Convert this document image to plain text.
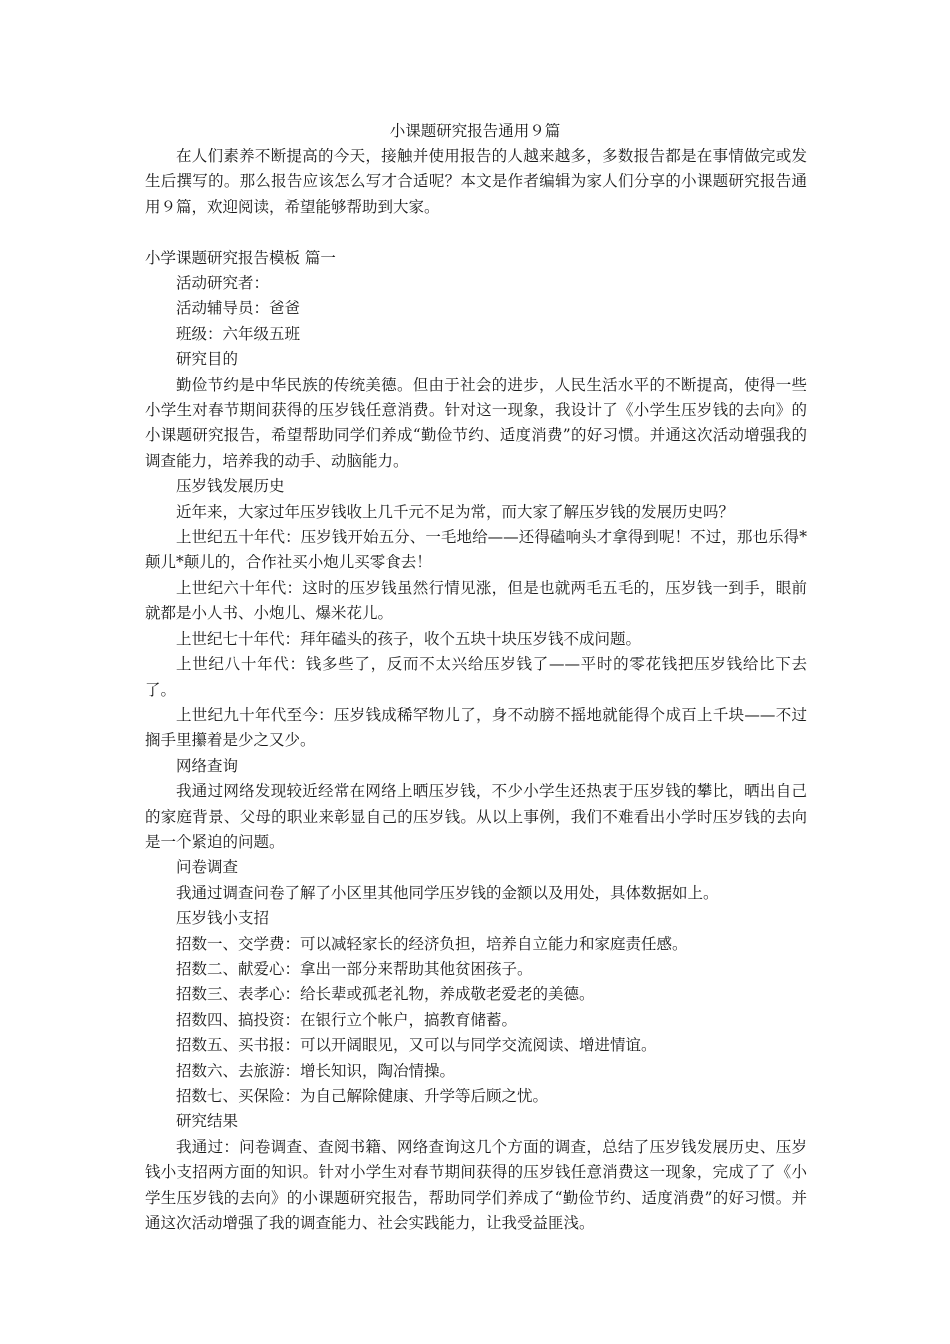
小课题研究报告通用９篇

在人们素养不断提高的今天，接触并使用报告的人越来越多，多数报告都是在事情做完或发生后撰写的。那么报告应该怎么写才合适呢？本文是作者编辑为家人们分享的小课题研究报告通用９篇，欢迎阅读，希望能够帮助到大家。

小学课题研究报告模板 篇一

活动研究者：

活动辅导员：爸爸

班级：六年级五班

研究目的

勤俭节约是中华民族的传统美德。但由于社会的进步，人民生活水平的不断提高，使得一些小学生对春节期间获得的压岁钱任意消费。针对这一现象，我设计了《小学生压岁钱的去向》的小课题研究报告，希望帮助同学们养成“勤俭节约、适度消费”的好习惯。并通这次活动增强我的调查能力，培养我的动手、动脑能力。

压岁钱发展历史

近年来，大家过年压岁钱收上几千元不足为常，而大家了解压岁钱的发展历史吗？

上世纪五十年代：压岁钱开始五分、一毛地给——还得磕响头才拿得到呢！不过，那也乐得*颠儿*颠儿的，合作社买小炮儿买零食去！

上世纪六十年代：这时的压岁钱虽然行情见涨，但是也就两毛五毛的，压岁钱一到手，眼前就都是小人书、小炮儿、爆米花儿。

上世纪七十年代：拜年磕头的孩子，收个五块十块压岁钱不成问题。

上世纪八十年代：钱多些了，反而不太兴给压岁钱了——平时的零花钱把压岁钱给比下去了。

上世纪九十年代至今：压岁钱成稀罕物儿了，身不动膀不摇地就能得个成百上千块——不过搁手里攥着是少之又少。

网络查询

我通过网络发现较近经常在网络上晒压岁钱，不少小学生还热衷于压岁钱的攀比，晒出自己的家庭背景、父母的职业来彰显自己的压岁钱。从以上事例，我们不难看出小学时压岁钱的去向是一个紧迫的问题。

问卷调查

我通过调查问卷了解了小区里其他同学压岁钱的金额以及用处，具体数据如上。

压岁钱小支招

招数一、交学费：可以减轻家长的经济负担，培养自立能力和家庭责任感。

招数二、献爱心：拿出一部分来帮助其他贫困孩子。

招数三、表孝心：给长辈或孤老礼物，养成敬老爱老的美德。

招数四、搞投资：在银行立个帐户，搞教育储蓄。

招数五、买书报：可以开阔眼见，又可以与同学交流阅读、增进情谊。

招数六、去旅游：增长知识，陶冶情操。

招数七、买保险：为自己解除健康、升学等后顾之忧。

研究结果

我通过：问卷调查、查阅书籍、网络查询这几个方面的调查，总结了压岁钱发展历史、压岁钱小支招两方面的知识。针对小学生对春节期间获得的压岁钱任意消费这一现象，完成了了《小学生压岁钱的去向》的小课题研究报告，帮助同学们养成了“勤俭节约、适度消费”的好习惯。并通这次活动增强了我的调查能力、社会实践能力，让我受益匪浅。
